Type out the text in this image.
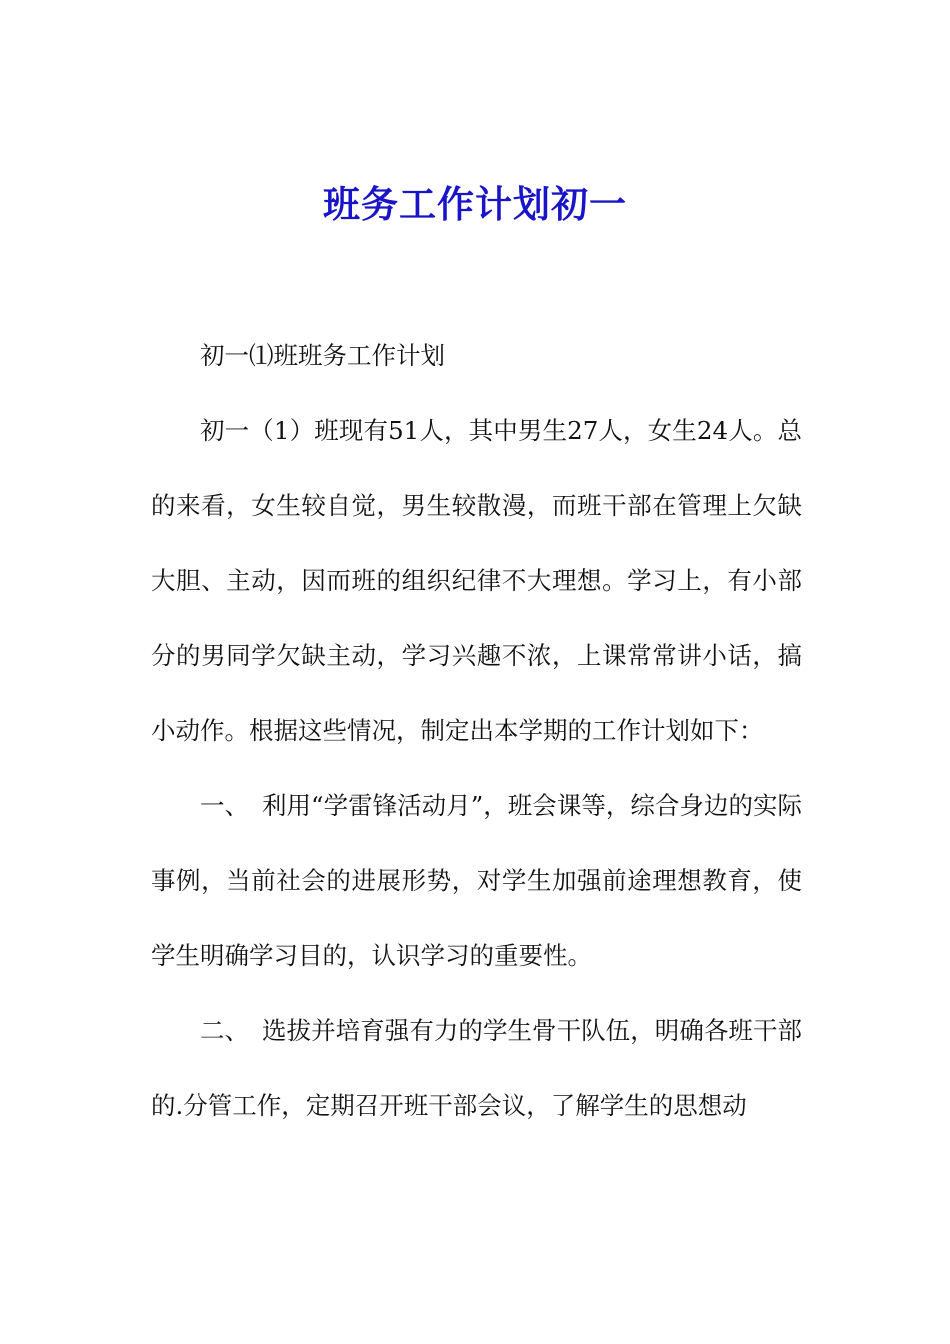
班务工作计划初一

初一⑴班班务工作计划

初一（1）班现有51人，其中男生27人，女生24人。总的来看，女生较自觉，男生较散漫，而班干部在管理上欠缺大胆、主动，因而班的组织纪律不大理想。学习上，有小部分的男同学欠缺主动，学习兴趣不浓，上课常常讲小话，搞小动作。根据这些情况，制定出本学期的工作计划如下：

一、 利用“学雷锋活动月”，班会课等，综合身边的实际事例，当前社会的进展形势，对学生加强前途理想教育，使学生明确学习目的，认识学习的重要性。

二、 选拔并培育强有力的学生骨干队伍，明确各班干部的.分管工作，定期召开班干部会议，了解学生的思想动
